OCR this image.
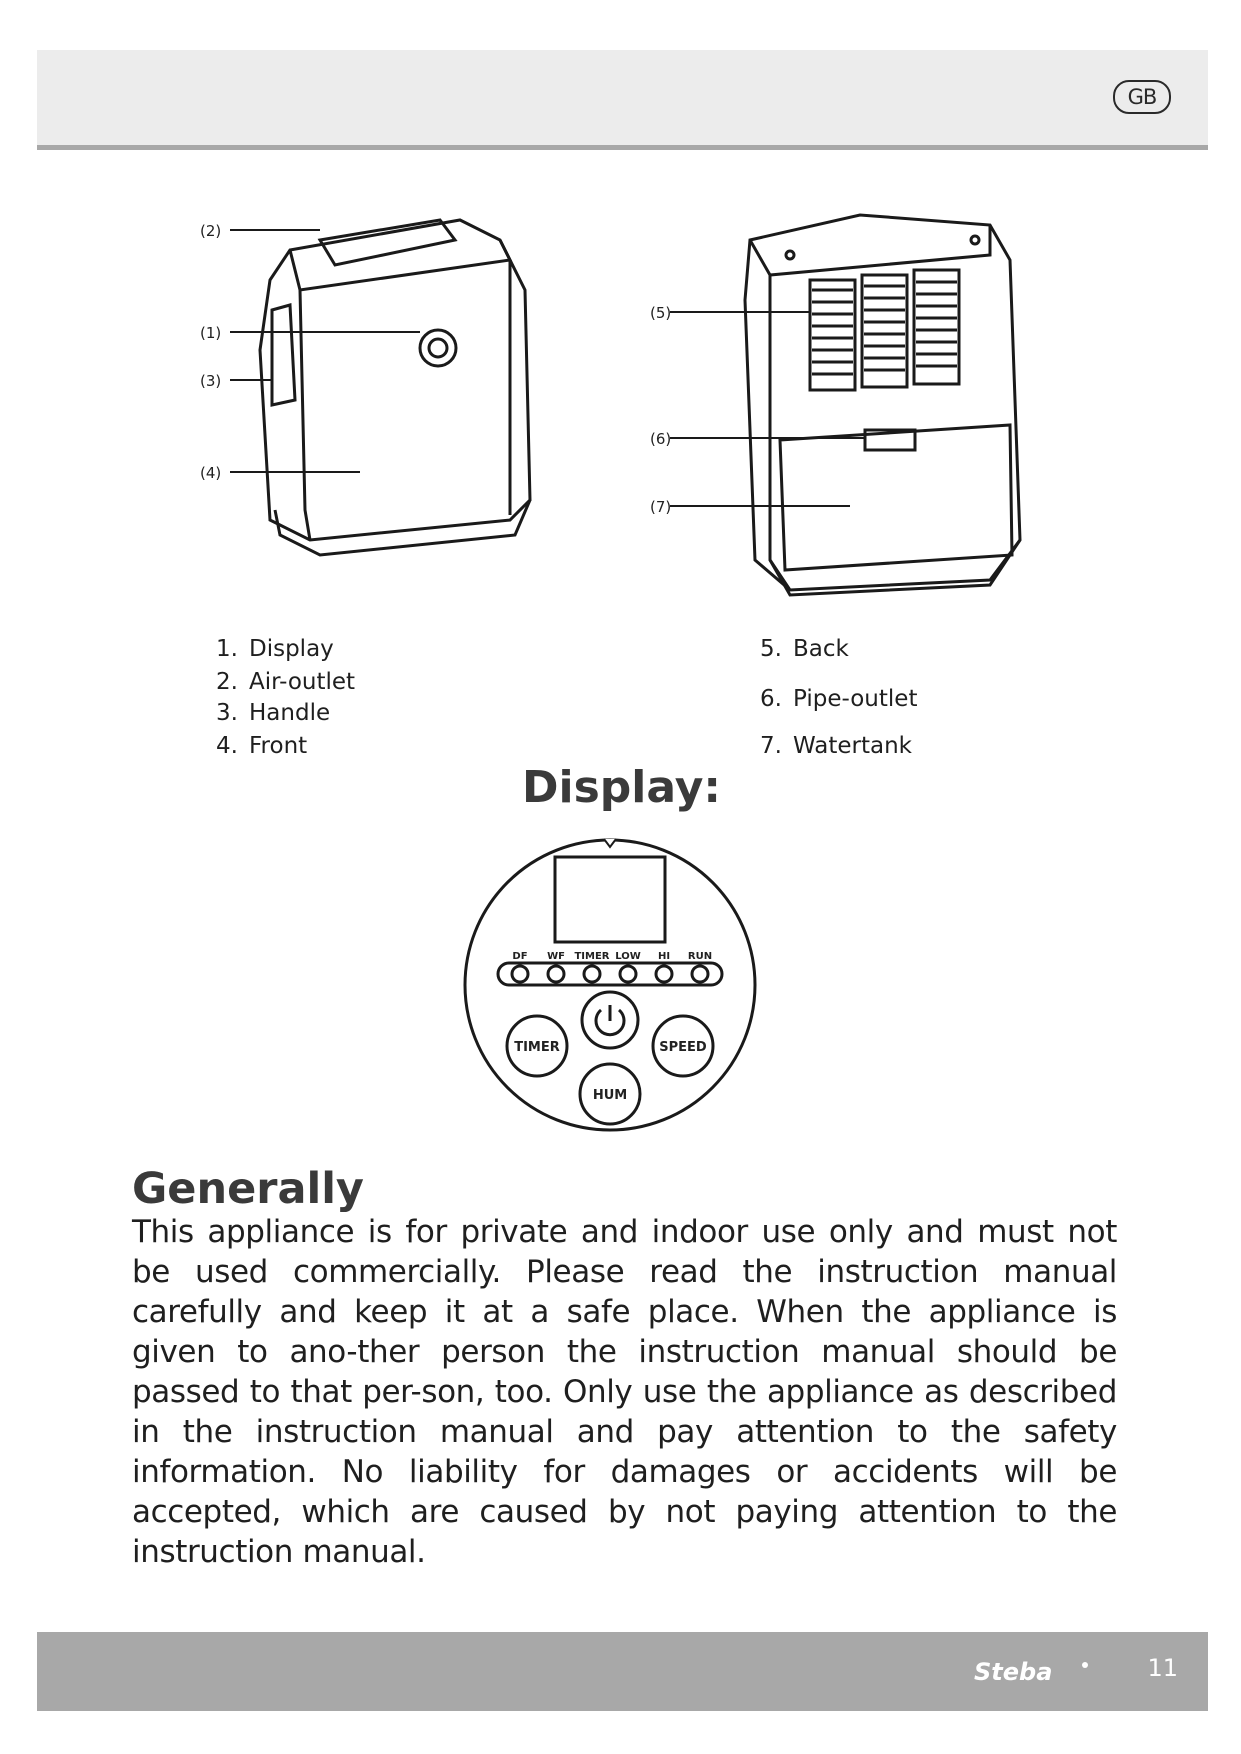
GB
(2)
(1)
(3)
(4)
(5)
(6)
(7)
1. Display
2. Air-outlet
3. Handle
4. Front
5. Back
6. Pipe-outlet
7. Watertank
Display:
DF WF TIMER LOW HI RUN
TIMER	SPEED
HUM
Generally
This appliance is for private and indoor use only and must not be used commercially. Please read the instruction manual carefully and keep it at a safe place. When the appliance is given to ano-ther person the instruction manual should be passed to that per-son, too. Only use the appliance as described in the instruction manual and pay attention to the safety information. No liability for damages or accidents will be accepted, which are caused by not paying attention to the instruction manual.
Steba	11
